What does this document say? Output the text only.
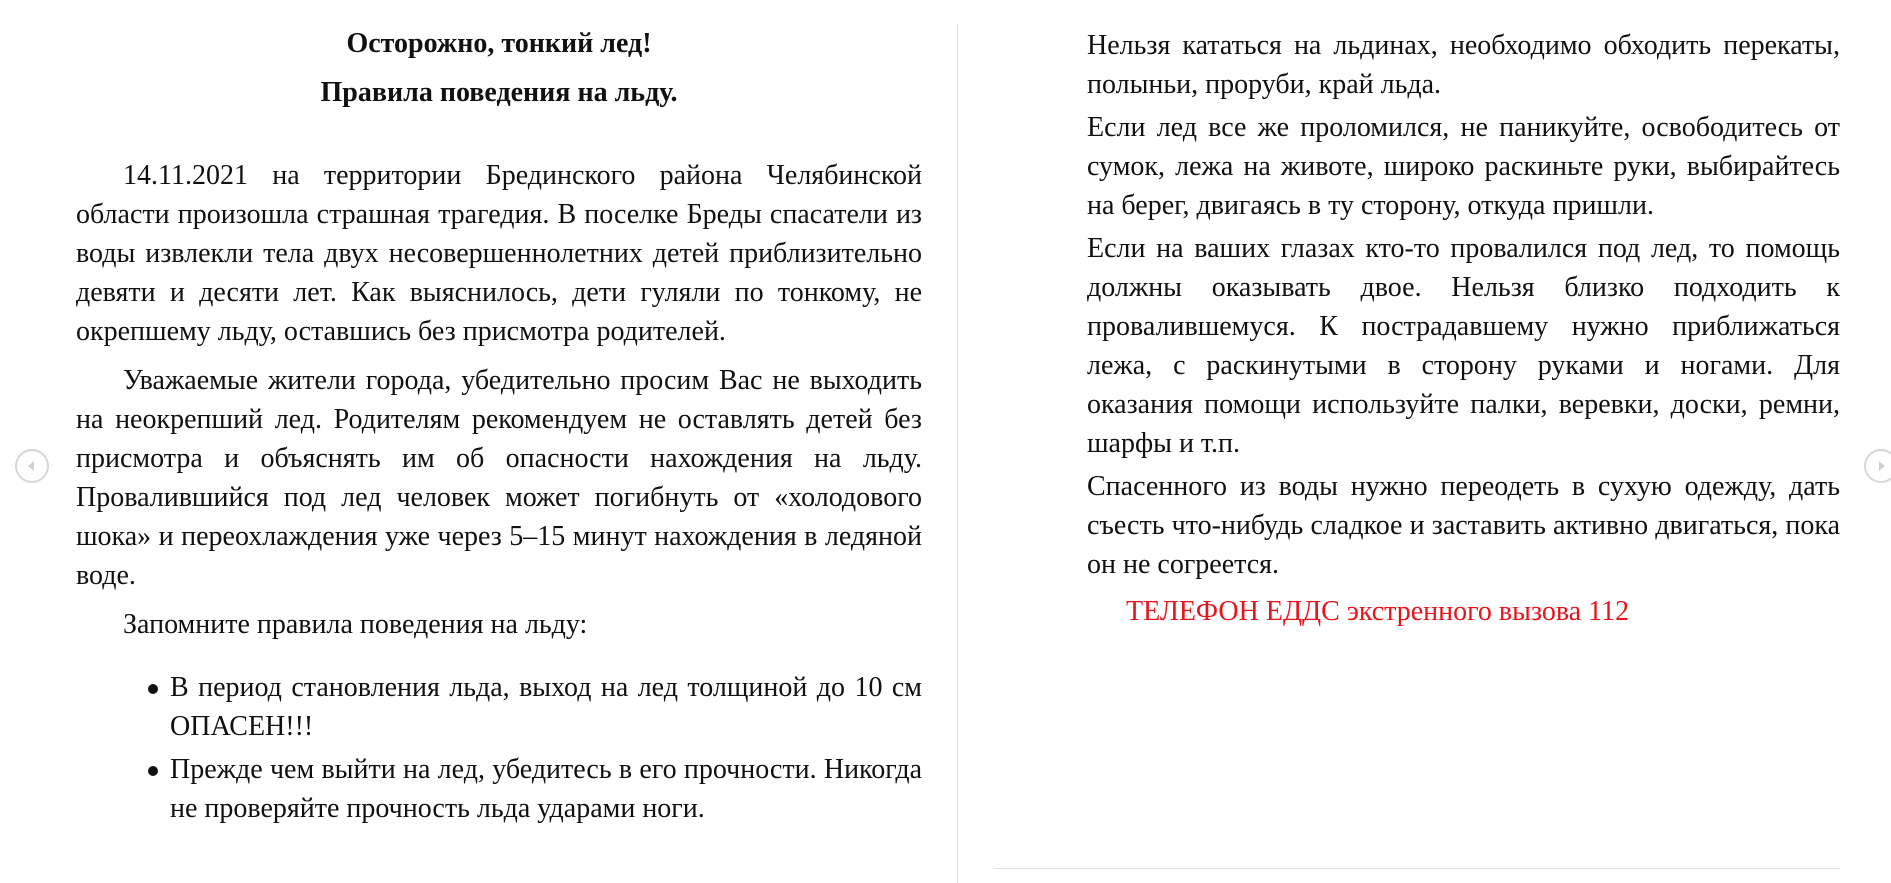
Осторожно, тонкий лед!
Правила поведения на льду.

14.11.2021 на территории Брединского района Челябинской области произошла страшная трагедия. В поселке Бреды спасатели из воды извлекли тела двух несовершеннолетних детей приблизительно девяти и десяти лет. Как выяснилось, дети гуляли по тонкому, не окрепшему льду, оставшись без присмотра родителей.

Уважаемые жители города, убедительно просим Вас не выходить на неокрепший лед. Родителям рекомендуем не оставлять детей без присмотра и объяснять им об опасности нахождения на льду. Провалившийся под лед человек может погибнуть от «холодового шока» и переохлаждения уже через 5–15 минут нахождения в ледяной воде.

Запомните правила поведения на льду:

В период становления льда, выход на лед толщиной до 10 см ОПАСЕН!!!
Прежде чем выйти на лед, убедитесь в его прочности. Никогда не проверяйте прочность льда ударами ноги.
Нельзя кататься на льдинах, необходимо обходить перекаты, полыньи, проруби, край льда.
Если лед все же проломился, не паникуйте, освободитесь от сумок, лежа на животе, широко раскиньте руки, выбирайтесь на берег, двигаясь в ту сторону, откуда пришли.
Если на ваших глазах кто-то провалился под лед, то помощь должны оказывать двое. Нельзя близко подходить к провалившемуся. К пострадавшему нужно приближаться лежа, с раскинутыми в сторону руками и ногами. Для оказания помощи используйте палки, веревки, доски, ремни, шарфы и т.п.
Спасенного из воды нужно переодеть в сухую одежду, дать съесть что-нибудь сладкое и заставить активно двигаться, пока он не согреется.

ТЕЛЕФОН ЕДДС экстренного вызова 112
